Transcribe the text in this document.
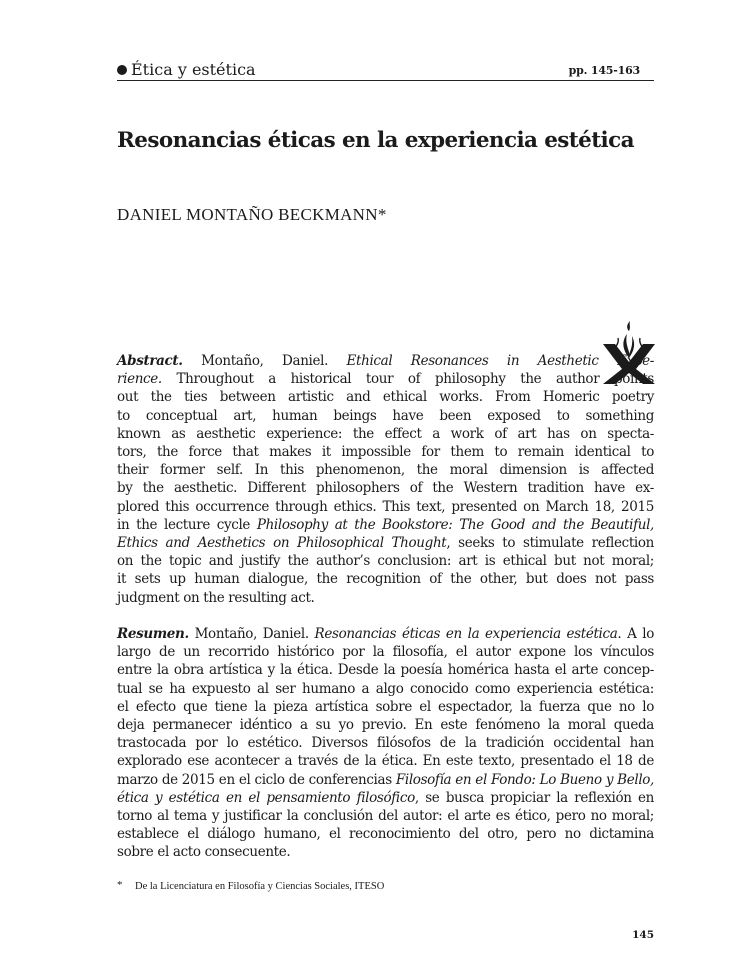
Ética y estética	pp. 145-163
Resonancias éticas en la experiencia estética

DANIEL MONTAÑO BECKMANN*

Abstract. Montaño, Daniel. Ethical Resonances in Aesthetic Expe-
rience. Throughout a historical tour of philosophy the author points
out the ties between artistic and ethical works. From Homeric poetry
to conceptual art, human beings have been exposed to something
known as aesthetic experience: the effect a work of art has on specta-
tors, the force that makes it impossible for them to remain identical to
their former self. In this phenomenon, the moral dimension is affected
by the aesthetic. Different philosophers of the Western tradition have ex-
plored this occurrence through ethics. This text, presented on March 18, 2015
in the lecture cycle Philosophy at the Bookstore: The Good and the Beautiful,
Ethics and Aesthetics on Philosophical Thought, seeks to stimulate reflection
on the topic and justify the author’s conclusion: art is ethical but not moral;
it sets up human dialogue, the recognition of the other, but does not pass
judgment on the resulting act.
Resumen. Montaño, Daniel. Resonancias éticas en la experiencia estética. A lo
largo de un recorrido histórico por la filosofía, el autor expone los vínculos
entre la obra artística y la ética. Desde la poesía homérica hasta el arte concep-
tual se ha expuesto al ser humano a algo conocido como experiencia estética:
el efecto que tiene la pieza artística sobre el espectador, la fuerza que no lo
deja permanecer idéntico a su yo previo. En este fenómeno la moral queda
trastocada por lo estético. Diversos filósofos de la tradición occidental han
explorado ese acontecer a través de la ética. En este texto, presentado el 18 de
marzo de 2015 en el ciclo de conferencias Filosofía en el Fondo: Lo Bueno y Bello,
ética y estética en el pensamiento filosófico, se busca propiciar la reflexión en
torno al tema y justificar la conclusión del autor: el arte es ético, pero no moral;
establece el diálogo humano, el reconocimiento del otro, pero no dictamina
sobre el acto consecuente.
* De la Licenciatura en Filosofía y Ciencias Sociales, ITESO
145
